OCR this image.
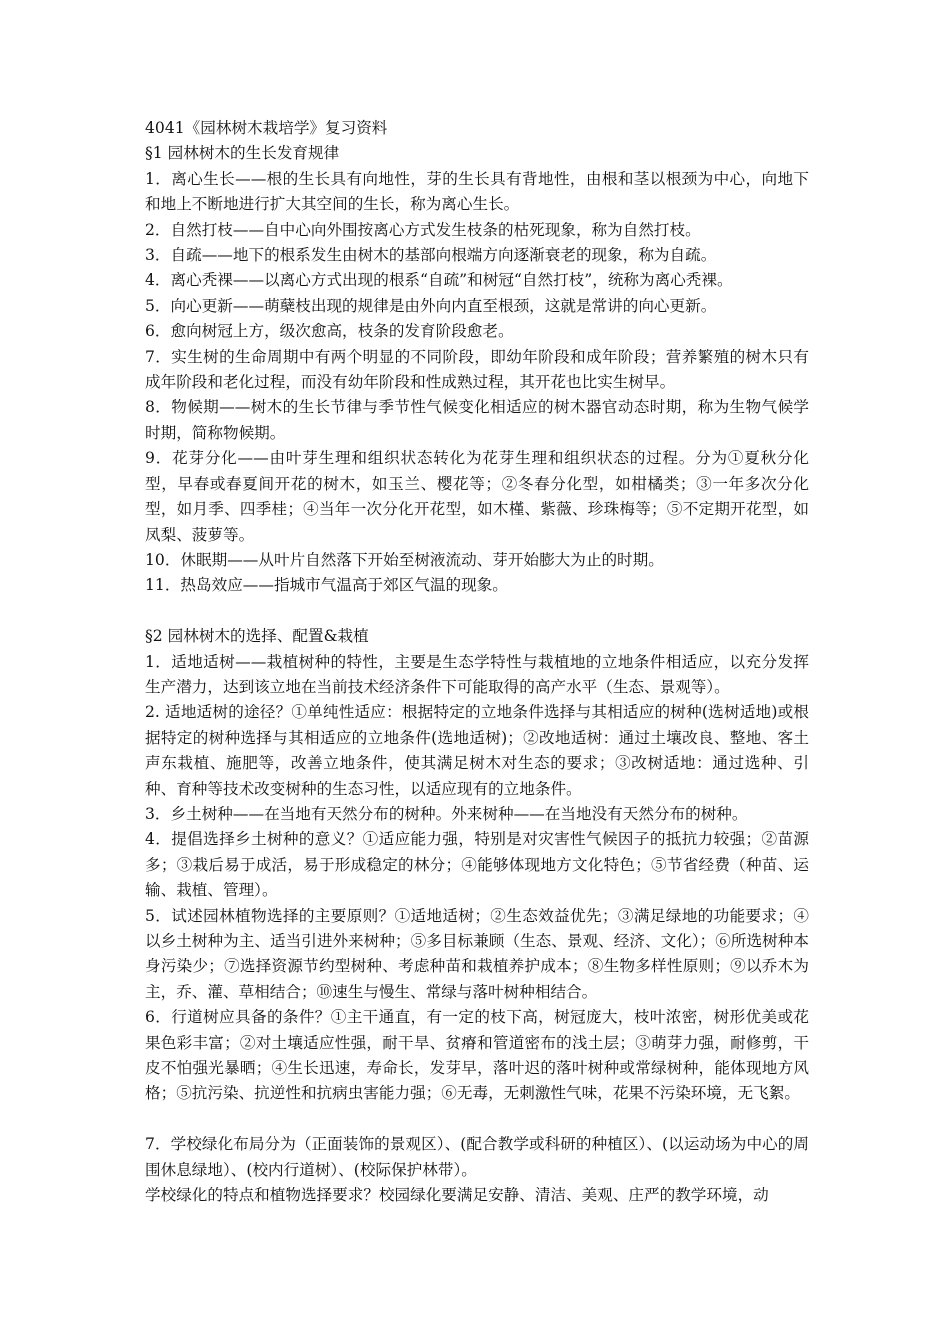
4041《园林树木栽培学》复习资料

§1 园林树木的生长发育规律

1．离心生长——根的生长具有向地性，芽的生长具有背地性，由根和茎以根颈为中心，向地下和地上不断地进行扩大其空间的生长，称为离心生长。

2．自然打枝——自中心向外围按离心方式发生枝条的枯死现象，称为自然打枝。

3．自疏——地下的根系发生由树木的基部向根端方向逐渐衰老的现象，称为自疏。

4．离心秃裸——以离心方式出现的根系“自疏”和树冠“自然打枝”，统称为离心秃裸。

5．向心更新——萌蘖枝出现的规律是由外向内直至根颈，这就是常讲的向心更新。

6．愈向树冠上方，级次愈高，枝条的发育阶段愈老。

7．实生树的生命周期中有两个明显的不同阶段，即幼年阶段和成年阶段；营养繁殖的树木只有成年阶段和老化过程，而没有幼年阶段和性成熟过程，其开花也比实生树早。

8．物候期——树木的生长节律与季节性气候变化相适应的树木器官动态时期，称为生物气候学时期，简称物候期。

9．花芽分化——由叶芽生理和组织状态转化为花芽生理和组织状态的过程。分为①夏秋分化型，早春或春夏间开花的树木，如玉兰、樱花等；②冬春分化型，如柑橘类；③一年多次分化型，如月季、四季桂；④当年一次分化开花型，如木槿、紫薇、珍珠梅等；⑤不定期开花型，如凤梨、菠萝等。

10．休眠期——从叶片自然落下开始至树液流动、芽开始膨大为止的时期。

11．热岛效应——指城市气温高于郊区气温的现象。

§2 园林树木的选择、配置&栽植

1．适地适树——栽植树种的特性，主要是生态学特性与栽植地的立地条件相适应，以充分发挥生产潜力，达到该立地在当前技术经济条件下可能取得的高产水平（生态、景观等）。

2. 适地适树的途径？①单纯性适应：根据特定的立地条件选择与其相适应的树种(选树适地)或根据特定的树种选择与其相适应的立地条件(选地适树)；②改地适树：通过土壤改良、整地、客土声东栽植、施肥等，改善立地条件，使其满足树木对生态的要求；③改树适地：通过选种、引种、育种等技术改变树种的生态习性，以适应现有的立地条件。

3．乡土树种——在当地有天然分布的树种。外来树种——在当地没有天然分布的树种。

4．提倡选择乡土树种的意义？①适应能力强，特别是对灾害性气候因子的抵抗力较强；②苗源多；③栽后易于成活，易于形成稳定的林分；④能够体现地方文化特色；⑤节省经费（种苗、运输、栽植、管理）。

5．试述园林植物选择的主要原则？①适地适树；②生态效益优先；③满足绿地的功能要求；④以乡土树种为主、适当引进外来树种；⑤多目标兼顾（生态、景观、经济、文化）；⑥所选树种本身污染少；⑦选择资源节约型树种、考虑种苗和栽植养护成本；⑧生物多样性原则；⑨以乔木为主，乔、灌、草相结合；⑩速生与慢生、常绿与落叶树种相结合。

6．行道树应具备的条件？①主干通直，有一定的枝下高，树冠庞大，枝叶浓密，树形优美或花果色彩丰富；②对土壤适应性强，耐干旱、贫瘠和管道密布的浅土层；③萌芽力强，耐修剪，干皮不怕强光暴晒；④生长迅速，寿命长，发芽早，落叶迟的落叶树种或常绿树种，能体现地方风格；⑤抗污染、抗逆性和抗病虫害能力强；⑥无毒，无刺激性气味，花果不污染环境，无飞絮。

7．学校绿化布局分为（正面装饰的景观区）、(配合教学或科研的种植区）、(以运动场为中心的周围休息绿地）、(校内行道树）、(校际保护林带）。

学校绿化的特点和植物选择要求？校园绿化要满足安静、清洁、美观、庄严的教学环境，动
